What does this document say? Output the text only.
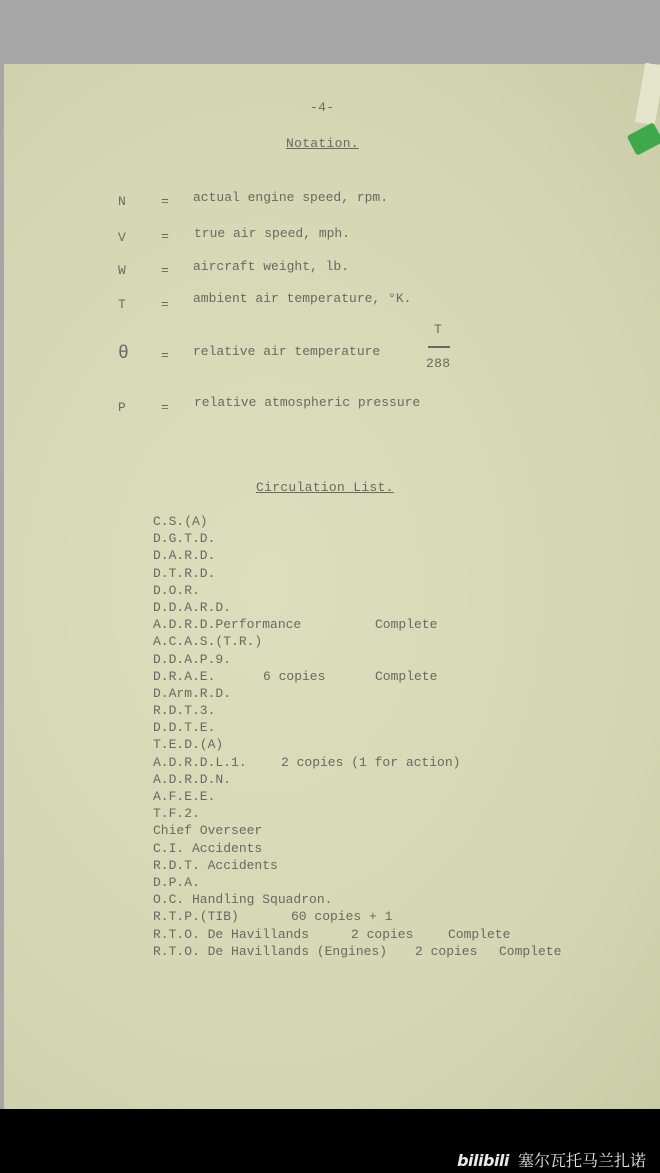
-4-
Notation.
N	= actual engine speed, rpm.
V	= true air speed, mph.
W	= aircraft weight, lb.
T	= ambient air temperature, °K.
θ = relative air temperature
T
288
P	= relative atmospheric pressure
Circulation List.
C.S.(A)
D.G.T.D.
D.A.R.D.
D.T.R.D.
D.O.R.
D.D.A.R.D.
A.D.R.D.Performance	Complete
A.C.A.S.(T.R.)
D.D.A.P.9.
D.R.A.E.	6 copies	Complete
D.Arm.R.D.
R.D.T.3.
D.D.T.E.
T.E.D.(A)
A.D.R.D.L.1.	2 copies (1 for action)
A.D.R.D.N.
A.F.E.E.
T.F.2.
Chief Overseer
C.I. Accidents
R.D.T. Accidents
D.P.A.
O.C. Handling Squadron.
R.T.P.(TIB)	60 copies + 1
R.T.O. De Havillands	2 copies	Complete
R.T.O. De Havillands (Engines) 2 copies Complete
bilibili 塞尔瓦托马兰扎诺
